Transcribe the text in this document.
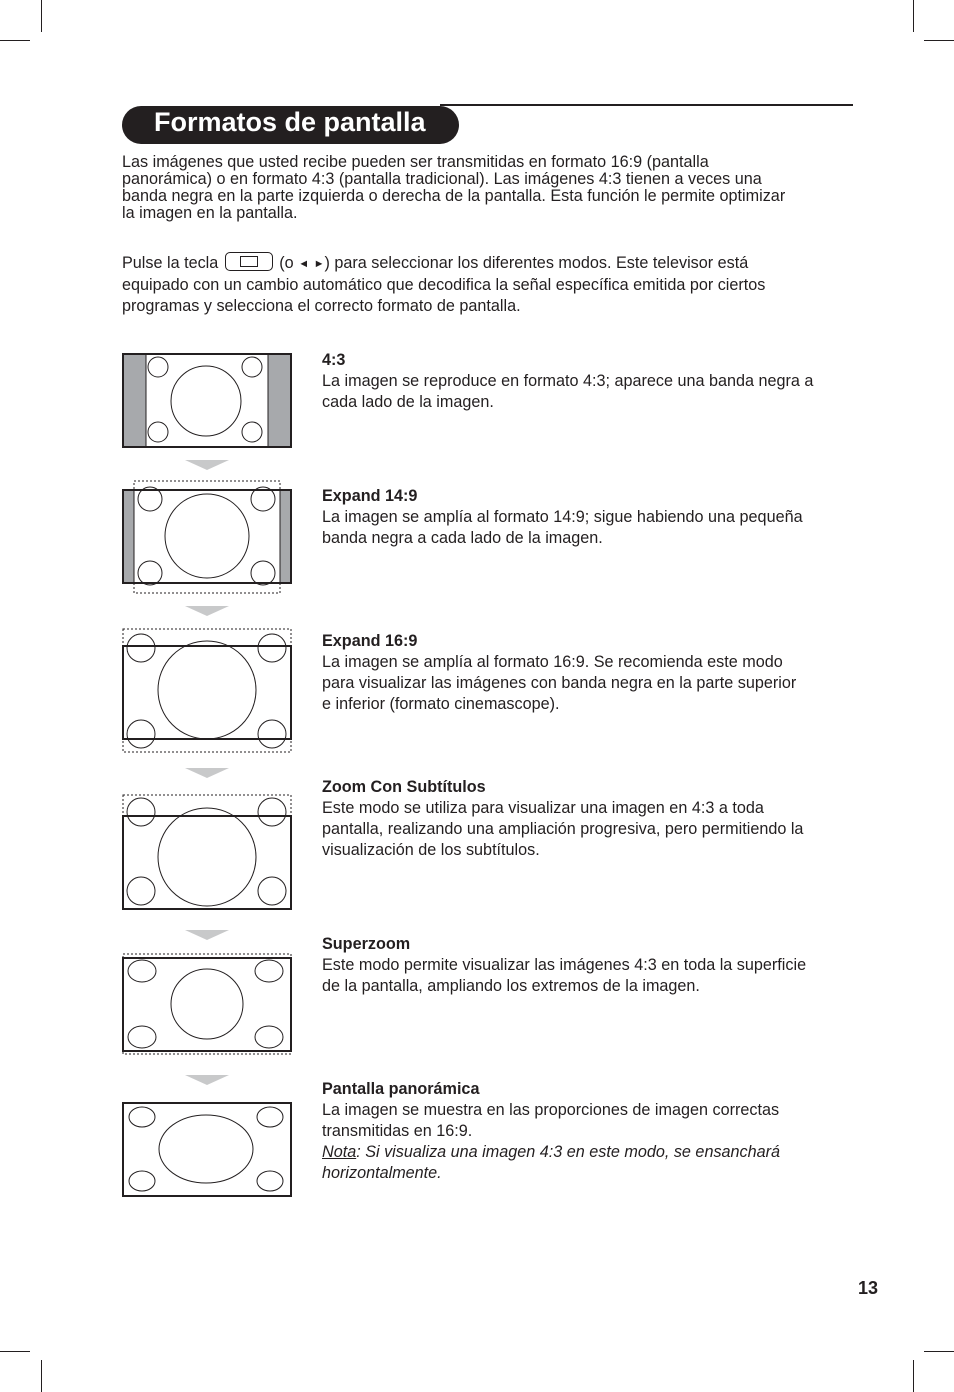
Formatos de pantalla
Las imágenes que usted recibe pueden ser transmitidas en formato 16:9 (pantalla
panorámica) o en formato 4:3 (pantalla tradicional). Las imágenes 4:3 tienen a veces una
banda negra en la parte izquierda o derecha de la pantalla. Esta función le permite optimizar
la imagen en la pantalla.
Pulse la tecla	(o ◄ ►) para seleccionar los diferentes modos. Este televisor está
equipado con un cambio automático que decodifica la señal específica emitida por ciertos
programas y selecciona el correcto formato de pantalla.
4:3
La imagen se reproduce en formato 4:3; aparece una banda negra a
cada lado de la imagen.
Expand 14:9
La imagen se amplía al formato 14:9; sigue habiendo una pequeña
banda negra a cada lado de la imagen.
Expand 16:9
La imagen se amplía al formato 16:9. Se recomienda este modo
para visualizar las imágenes con banda negra en la parte superior
e inferior (formato cinemascope).
Zoom Con Subtítulos
Este modo se utiliza para visualizar una imagen en 4:3 a toda
pantalla, realizando una ampliación progresiva, pero permitiendo la
visualización de los subtítulos.
Superzoom
Este modo permite visualizar las imágenes 4:3 en toda la superficie
de la pantalla, ampliando los extremos de la imagen.
Pantalla panorámica
La imagen se muestra en las proporciones de imagen correctas
transmitidas en 16:9.
Nota: Si visualiza una imagen 4:3 en este modo, se ensanchará
horizontalmente.
13
